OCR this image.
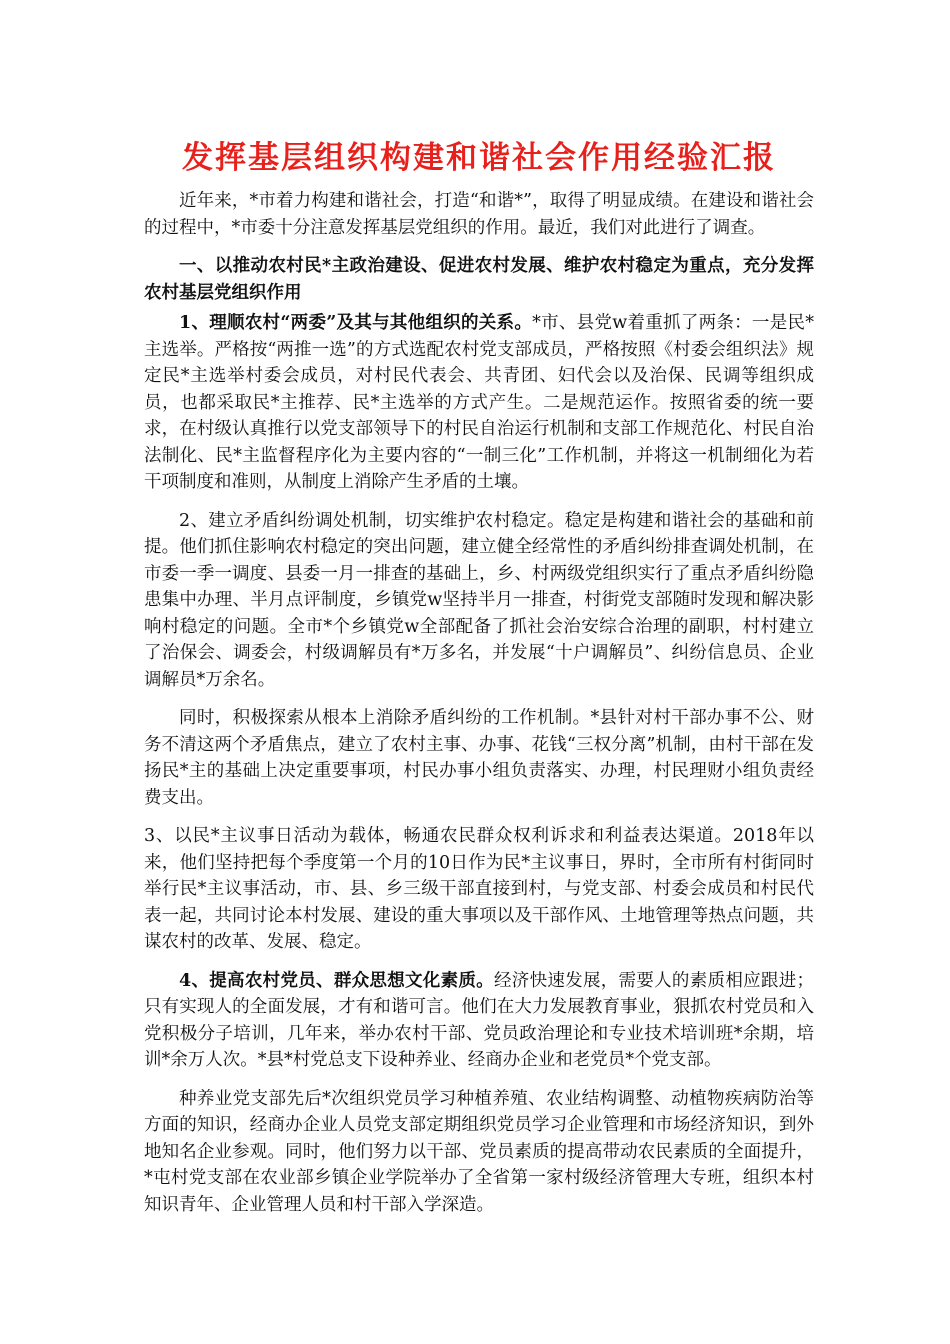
发挥基层组织构建和谐社会作用经验汇报

近年来，*市着力构建和谐社会，打造“和谐*”，取得了明显成绩。在建设和谐社会的过程中，*市委十分注意发挥基层党组织的作用。最近，我们对此进行了调查。

一、以推动农村民*主政治建设、促进农村发展、维护农村稳定为重点，充分发挥农村基层党组织作用

1、理顺农村“两委”及其与其他组织的关系。*市、县党w着重抓了两条：一是民*主选举。严格按“两推一选”的方式选配农村党支部成员，严格按照《村委会组织法》规定民*主选举村委会成员，对村民代表会、共青团、妇代会以及治保、民调等组织成员，也都采取民*主推荐、民*主选举的方式产生。二是规范运作。按照省委的统一要求，在村级认真推行以党支部领导下的村民自治运行机制和支部工作规范化、村民自治法制化、民*主监督程序化为主要内容的“一制三化”工作机制，并将这一机制细化为若干项制度和准则，从制度上消除产生矛盾的土壤。

2、建立矛盾纠纷调处机制，切实维护农村稳定。稳定是构建和谐社会的基础和前提。他们抓住影响农村稳定的突出问题，建立健全经常性的矛盾纠纷排查调处机制，在市委一季一调度、县委一月一排查的基础上，乡、村两级党组织实行了重点矛盾纠纷隐患集中办理、半月点评制度，乡镇党w坚持半月一排查，村街党支部随时发现和解决影响村稳定的问题。全市*个乡镇党w全部配备了抓社会治安综合治理的副职，村村建立了治保会、调委会，村级调解员有*万多名，并发展“十户调解员”、纠纷信息员、企业调解员*万余名。

同时，积极探索从根本上消除矛盾纠纷的工作机制。*县针对村干部办事不公、财务不清这两个矛盾焦点，建立了农村主事、办事、花钱“三权分离”机制，由村干部在发扬民*主的基础上决定重要事项，村民办事小组负责落实、办理，村民理财小组负责经费支出。

3、以民*主议事日活动为载体，畅通农民群众权利诉求和利益表达渠道。2018年以来，他们坚持把每个季度第一个月的10日作为民*主议事日，界时，全市所有村街同时举行民*主议事活动，市、县、乡三级干部直接到村，与党支部、村委会成员和村民代表一起，共同讨论本村发展、建设的重大事项以及干部作风、土地管理等热点问题，共谋农村的改革、发展、稳定。

4、提高农村党员、群众思想文化素质。经济快速发展，需要人的素质相应跟进；只有实现人的全面发展，才有和谐可言。他们在大力发展教育事业，狠抓农村党员和入党积极分子培训，几年来，举办农村干部、党员政治理论和专业技术培训班*余期，培训*余万人次。*县*村党总支下设种养业、经商办企业和老党员*个党支部。

种养业党支部先后*次组织党员学习种植养殖、农业结构调整、动植物疾病防治等方面的知识，经商办企业人员党支部定期组织党员学习企业管理和市场经济知识，到外地知名企业参观。同时，他们努力以干部、党员素质的提高带动农民素质的全面提升，*屯村党支部在农业部乡镇企业学院举办了全省第一家村级经济管理大专班，组织本村知识青年、企业管理人员和村干部入学深造。
